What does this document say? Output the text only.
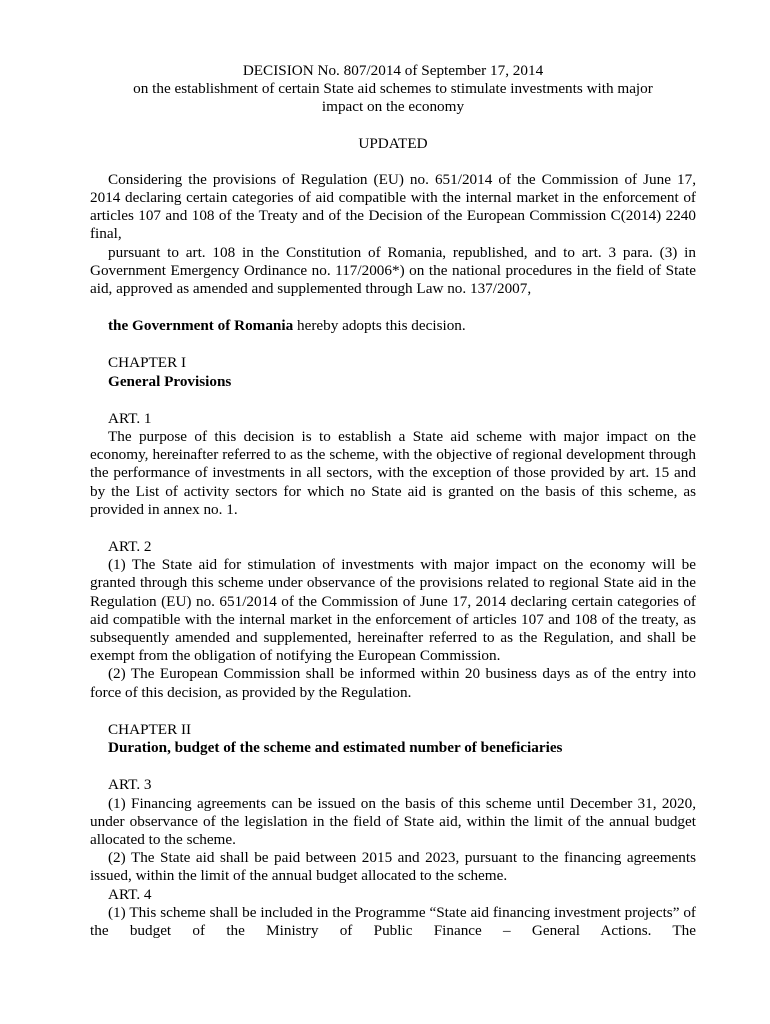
DECISION No. 807/2014 of September 17, 2014

on the establishment of certain State aid schemes to stimulate investments with major

impact on the economy

UPDATED

Considering the provisions of Regulation (EU) no. 651/2014 of the Commission of June 17, 2014 declaring certain categories of aid compatible with the internal market in the enforcement of articles 107 and 108 of the Treaty and of the Decision of the European Commission C(2014) 2240 final,

pursuant to art. 108 in the Constitution of Romania, republished, and to art. 3 para. (3) in Government Emergency Ordinance no. 117/2006*) on the national procedures in the field of State aid, approved as amended and supplemented through Law no. 137/2007,

the Government of Romania hereby adopts this decision.

CHAPTER I

General Provisions

ART. 1

The purpose of this decision is to establish a State aid scheme with major impact on the economy, hereinafter referred to as the scheme, with the objective of regional development through the performance of investments in all sectors, with the exception of those provided by art. 15 and by the List of activity sectors for which no State aid is granted on the basis of this scheme, as provided in annex no. 1.

ART. 2

(1) The State aid for stimulation of investments with major impact on the economy will be granted through this scheme under observance of the provisions related to regional State aid in the Regulation (EU) no. 651/2014 of the Commission of June 17, 2014 declaring certain categories of aid compatible with the internal market in the enforcement of articles 107 and 108 of the treaty, as subsequently amended and supplemented, hereinafter referred to as the Regulation, and shall be exempt from the obligation of notifying the European Commission.

(2) The European Commission shall be informed within 20 business days as of the entry into force of this decision, as provided by the Regulation.

CHAPTER II

Duration, budget of the scheme and estimated number of beneficiaries

ART. 3

(1) Financing agreements can be issued on the basis of this scheme until December 31, 2020, under observance of the legislation in the field of State aid, within the limit of the annual budget allocated to the scheme.

(2) The State aid shall be paid between 2015 and 2023, pursuant to the financing agreements issued, within the limit of the annual budget allocated to the scheme.

ART. 4

(1) This scheme shall be included in the Programme “State aid financing investment projects” of the budget of the Ministry of Public Finance – General Actions. The
